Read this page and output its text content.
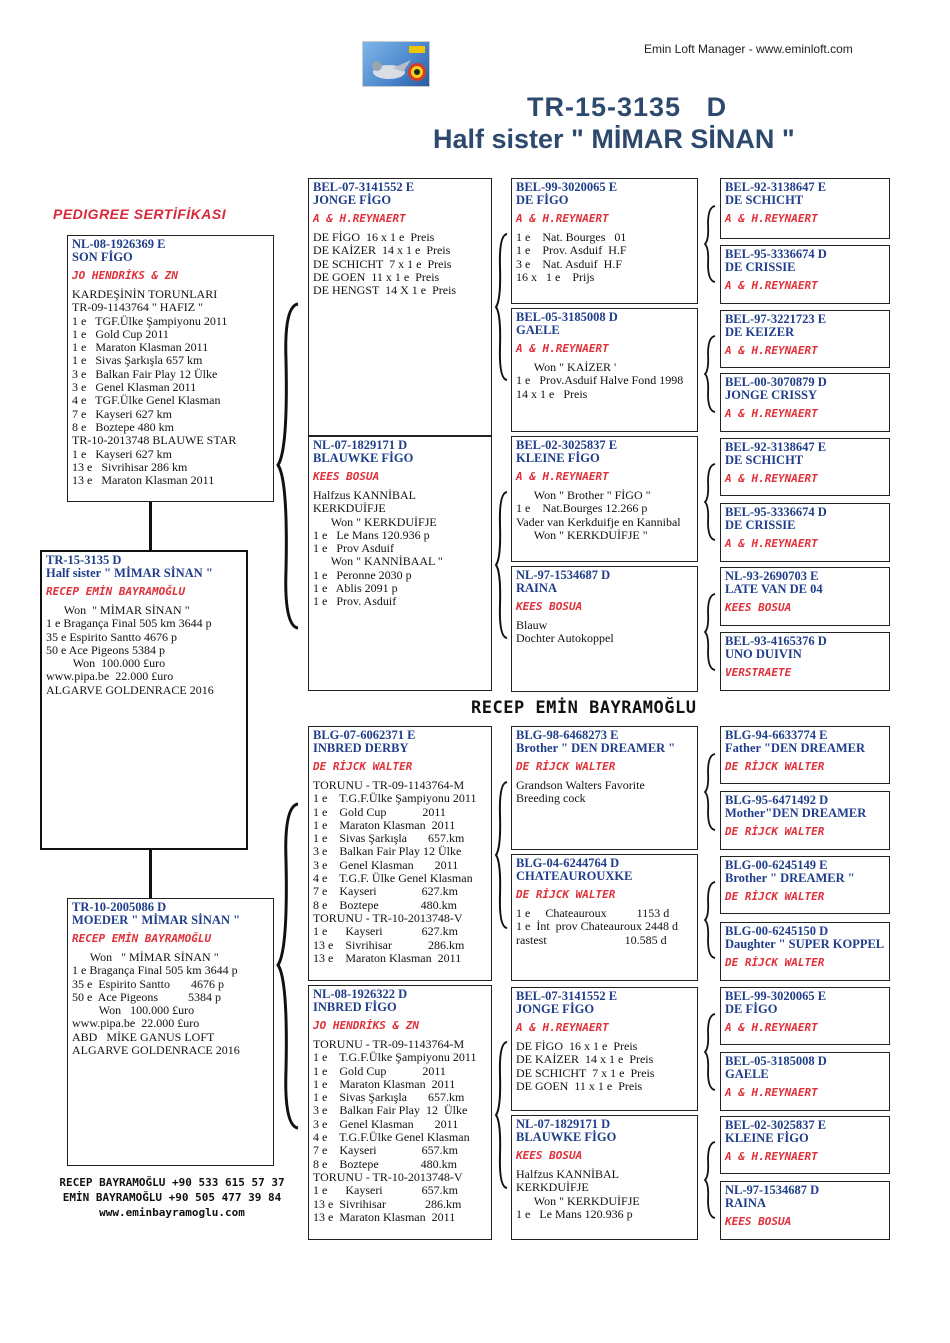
Emin Loft Manager - www.eminloft.com
TR-15-3135 D
Half sister " MİMAR SİNAN "
PEDIGREE SERTİFİKASI
TR-15-3135 D
Half sister " MİMAR SİNAN "
RECEP EMİN BAYRAMOĞLU
Won  " MİMAR SİNAN "
1 e Bragança Final 505 km 3644 p
35 e Espirito Santto 4676 p
50 e Ace Pigeons 5384 p
Won  100.000 £uro
www.pipa.be  22.000 £uro
ALGARVE GOLDENRACE 2016
NL-08-1926369 E
SON FİGO
JO HENDRİKS & ZN
KARDEŞİNİN TORUNLARI
TR-09-1143764 " HAFIZ "
1 e   TGF.Ülke Şampiyonu 2011
1 e   Gold Cup 2011
1 e   Maraton Klasman 2011
1 e   Sivas Şarkışla 657 km
3 e   Balkan Fair Play 12 Ülke
3 e   Genel Klasman 2011
4 e   TGF.Ülke Genel Klasman
7 e   Kayseri 627 km
8 e   Boztepe 480 km
TR-10-2013748 BLAUWE STAR
1 e   Kayseri 627 km
13 e   Sivrihisar 286 km
13 e   Maraton Klasman 2011
TR-10-2005086 D
MOEDER " MİMAR SİNAN "
RECEP EMİN BAYRAMOĞLU
Won   " MİMAR SİNAN "
1 e Bragança Final 505 km 3644 p
35 e  Espirito Santto       4676 p
50 e  Ace Pigeons          5384 p
Won   100.000 £uro
www.pipa.be  22.000 £uro
ABD   MİKE GANUS LOFT
ALGARVE GOLDENRACE 2016
RECEP BAYRAMOĞLU +90 533 615 57 37
EMİN BAYRAMOĞLU +90 505 477 39 84
www.eminbayramoglu.com
BEL-07-3141552 E
JONGE FİGO
A & H.REYNAERT
DE FİGO  16 x 1 e  Preis
DE KAİZER  14 x 1 e  Preis
DE SCHICHT  7 x 1 e  Preis
DE GOEN  11 x 1 e  Preis
DE HENGST  14 X 1 e  Preis
NL-07-1829171 D
BLAUWKE FİGO
KEES BOSUA
Halfzus KANNİBAL
KERKDUİFJE
Won " KERKDUİFJE
1 e   Le Mans 120.936 p
1 e   Prov Asduif
Won " KANNİBAAL "
1 e   Peronne 2030 p
1 e   Ablis 2091 p
1 e   Prov. Asduif
BLG-07-6062371 E
INBRED DERBY
DE RİJCK WALTER
TORUNU - TR-09-1143764-M
1 e    T.G.F.Ülke Şampiyonu 2011
1 e    Gold Cup            2011
1 e    Maraton Klasman  2011
1 e    Sivas Şarkışla       657.km
3 e    Balkan Fair Play 12 Ülke
3 e    Genel Klasman       2011
4 e    T.G.F. Ülke Genel Klasman
7 e    Kayseri               627.km
8 e    Boztepe              480.km
TORUNU - TR-10-2013748-V
1 e      Kayseri             627.km
13 e    Sivrihisar            286.km
13 e    Maraton Klasman  2011
NL-08-1926322 D
INBRED FİGO
JO HENDRİKS & ZN
TORUNU - TR-09-1143764-M
1 e    T.G.F.Ülke Şampiyonu 2011
1 e    Gold Cup            2011
1 e    Maraton Klasman  2011
1 e    Sivas Şarkışla       657.km
3 e    Balkan Fair Play  12  Ülke
3 e    Genel Klasman       2011
4 e    T.G.F.Ülke Genel Klasman
7 e    Kayseri               657.km
8 e    Boztepe              480.km
TORUNU - TR-10-2013748-V
1 e      Kayseri             657.km
13 e  Sivrihisar             286.km
13 e  Maraton Klasman  2011
RECEP EMİN BAYRAMOĞLU
BEL-99-3020065 E
DE FİGO
A & H.REYNAERT
1 e    Nat. Bourges   01
1 e    Prov. Asduif  H.F
3 e    Nat. Asduif  H.F
16 x   1 e    Prijs
BEL-05-3185008 D
GAELE
A & H.REYNAERT
Won " KAİZER '
1 e   Prov.Asduif Halve Fond 1998
14 x 1 e   Preis
BEL-02-3025837 E
KLEINE FİGO
A & H.REYNAERT
Won " Brother " FİGO "
1 e    Nat.Bourges 12.266 p
Vader van Kerkduifje en Kannibal
Won " KERKDUİFJE "
NL-97-1534687 D
RAINA
KEES BOSUA
Blauw
Dochter Autokoppel
BLG-98-6468273 E
Brother " DEN DREAMER "
DE RİJCK WALTER
Grandson Walters Favorite
Breeding cock
BLG-04-6244764 D
CHATEAUROUXKE
DE RİJCK WALTER
1 e     Chateauroux          1153 d
1 e  İnt  prov Chateauroux 2448 d
rastest                          10.585 d
BEL-07-3141552 E
JONGE FİGO
A & H.REYNAERT
DE FİGO  16 x 1 e  Preis
DE KAİZER  14 x 1 e  Preis
DE SCHICHT  7 x 1 e  Preis
DE GOEN  11 x 1 e  Preis
NL-07-1829171 D
BLAUWKE FİGO
KEES BOSUA
Halfzus KANNİBAL
KERKDUİFJE
Won " KERKDUİFJE
1 e   Le Mans 120.936 p
BEL-92-3138647 E
DE SCHICHT
A & H.REYNAERT
BEL-95-3336674 D
DE CRISSIE
A & H.REYNAERT
BEL-97-3221723 E
DE KEIZER
A & H.REYNAERT
BEL-00-3070879 D
JONGE CRISSY
A & H.REYNAERT
BEL-92-3138647 E
DE SCHICHT
A & H.REYNAERT
BEL-95-3336674 D
DE CRISSIE
A & H.REYNAERT
NL-93-2690703 E
LATE VAN DE 04
KEES BOSUA
BEL-93-4165376 D
UNO DUIVIN
VERSTRAETE
BLG-94-6633774 E
Father "DEN DREAMER
DE RİJCK WALTER
BLG-95-6471492 D
Mother"DEN DREAMER
DE RİJCK WALTER
BLG-00-6245149 E
Brother " DREAMER "
DE RİJCK WALTER
BLG-00-6245150 D
Daughter " SUPER KOPPEL
DE RİJCK WALTER
BEL-99-3020065 E
DE FİGO
A & H.REYNAERT
BEL-05-3185008 D
GAELE
A & H.REYNAERT
BEL-02-3025837 E
KLEINE FİGO
A & H.REYNAERT
NL-97-1534687 D
RAINA
KEES BOSUA
